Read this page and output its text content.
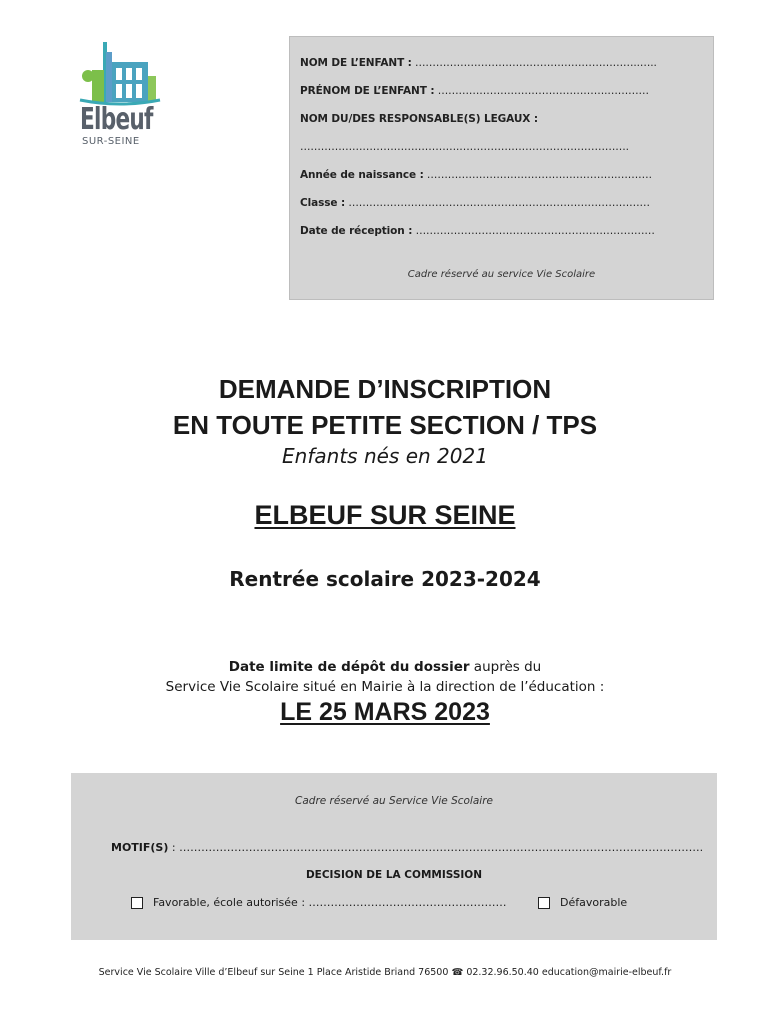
Elbeuf
SUR-SEINE
NOM DE L’ENFANT : ………………………………………………………..…..
PRÉNOM DE L’ENFANT : ………………………………………….…………
NOM DU/DES RESPONSABLE(S) LEGAUX :
……………………………………….………………………………………….
Année de naissance : ……………………………………………….……….
Classe : ……………………………………………………………………………
Date de réception : ……………………………………………………………
Cadre réservé au service Vie Scolaire
DEMANDE D’INSCRIPTION
EN TOUTE PETITE SECTION / TPS
Enfants nés en 2021
ELBEUF SUR SEINE
Rentrée scolaire 2023-2024
Date limite de dépôt du dossier auprès du
Service Vie Scolaire situé en Mairie à la direction de l’éducation :
LE 25 MARS 2023
Cadre réservé au Service Vie Scolaire
MOTIF(S) : …………………………………………………………………………….……………………………………………….
DECISION DE LA COMMISSION
Favorable, école autorisée : ………………………………………………	Défavorable
Service Vie Scolaire Ville d’Elbeuf sur Seine 1 Place Aristide Briand 76500 ☎ 02.32.96.50.40 education@mairie-elbeuf.fr
